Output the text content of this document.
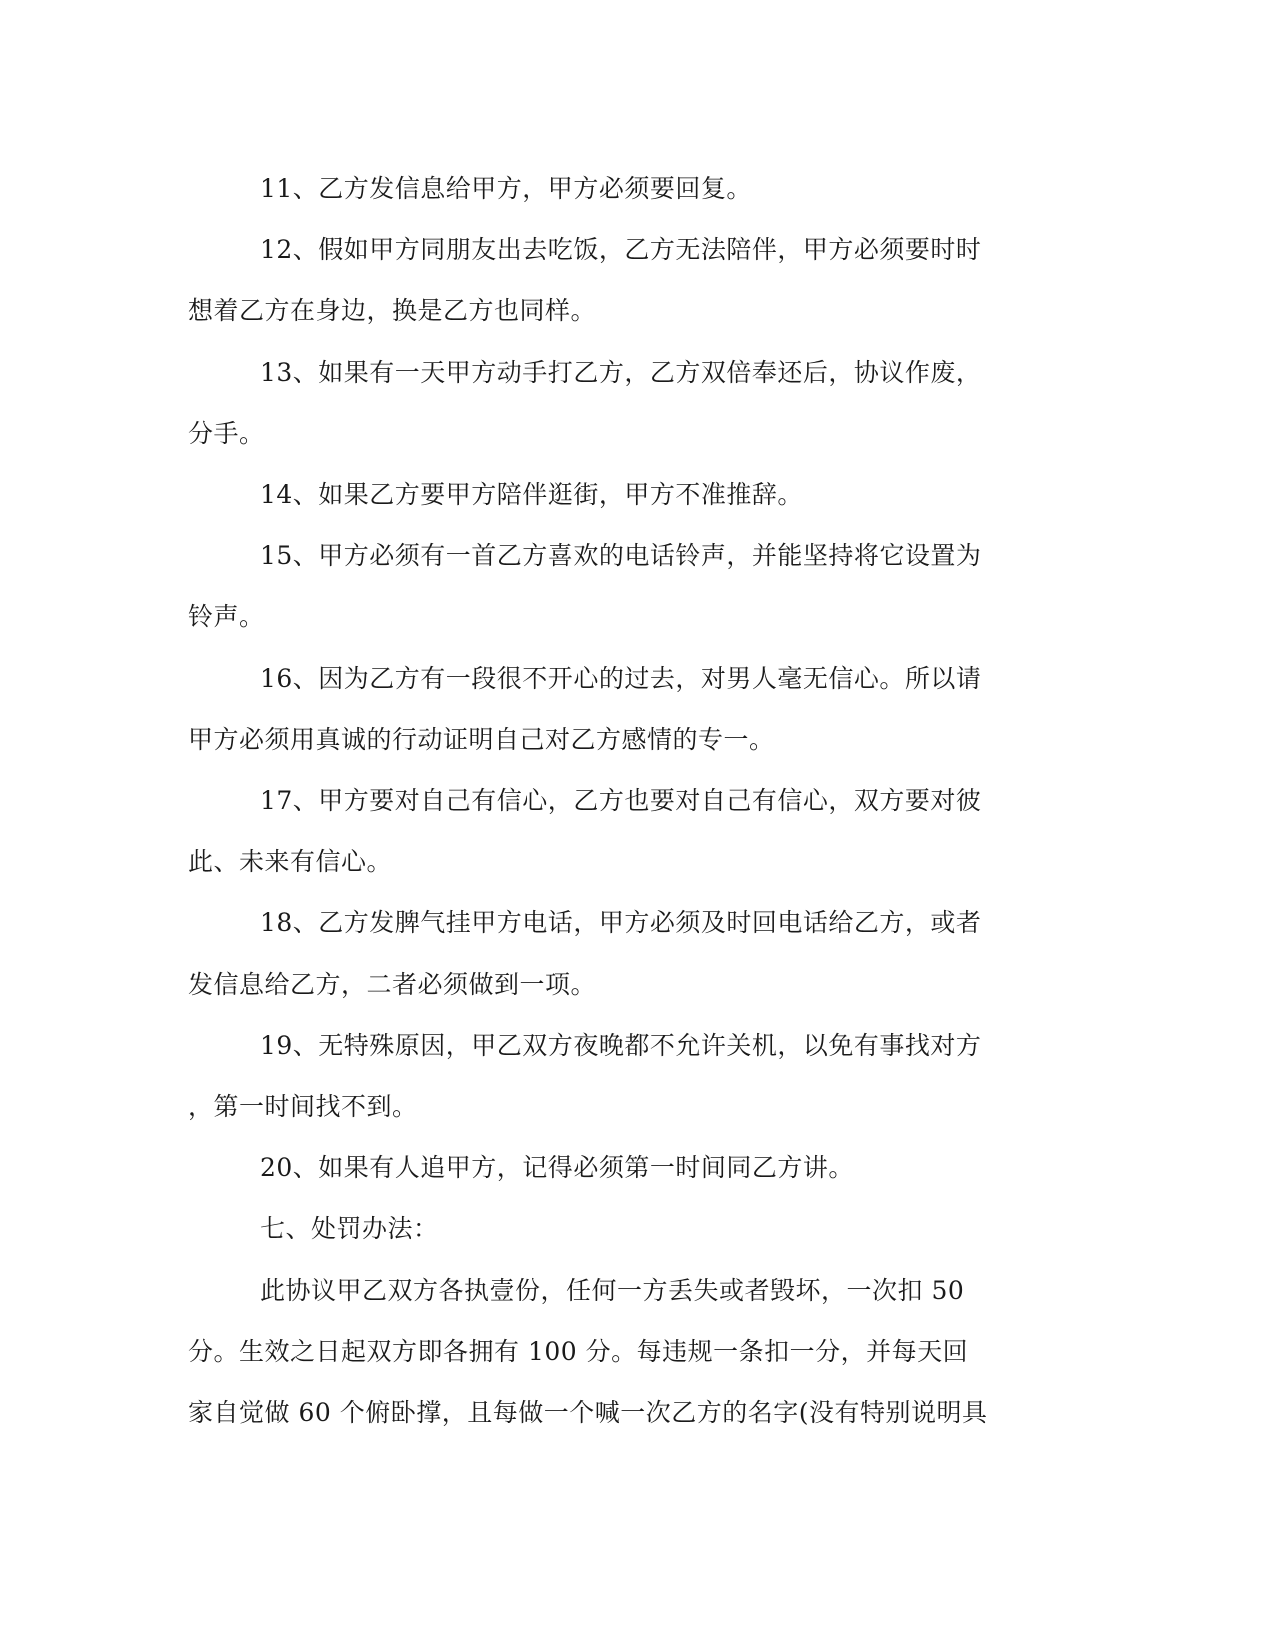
11、乙方发信息给甲方，甲方必须要回复。
12、假如甲方同朋友出去吃饭，乙方无法陪伴，甲方必须要时时
想着乙方在身边，换是乙方也同样。
13、如果有一天甲方动手打乙方，乙方双倍奉还后，协议作废，
分手。
14、如果乙方要甲方陪伴逛街，甲方不准推辞。
15、甲方必须有一首乙方喜欢的电话铃声，并能坚持将它设置为
铃声。
16、因为乙方有一段很不开心的过去，对男人毫无信心。所以请
甲方必须用真诚的行动证明自己对乙方感情的专一。
17、甲方要对自己有信心，乙方也要对自己有信心，双方要对彼
此、未来有信心。
18、乙方发脾气挂甲方电话，甲方必须及时回电话给乙方，或者
发信息给乙方，二者必须做到一项。
19、无特殊原因，甲乙双方夜晚都不允许关机，以免有事找对方
，第一时间找不到。
20、如果有人追甲方，记得必须第一时间同乙方讲。
七、处罚办法：
此协议甲乙双方各执壹份，任何一方丢失或者毁坏，一次扣 50
分。生效之日起双方即各拥有 100 分。每违规一条扣一分，并每天回
家自觉做 60 个俯卧撑，且每做一个喊一次乙方的名字(没有特别说明具
